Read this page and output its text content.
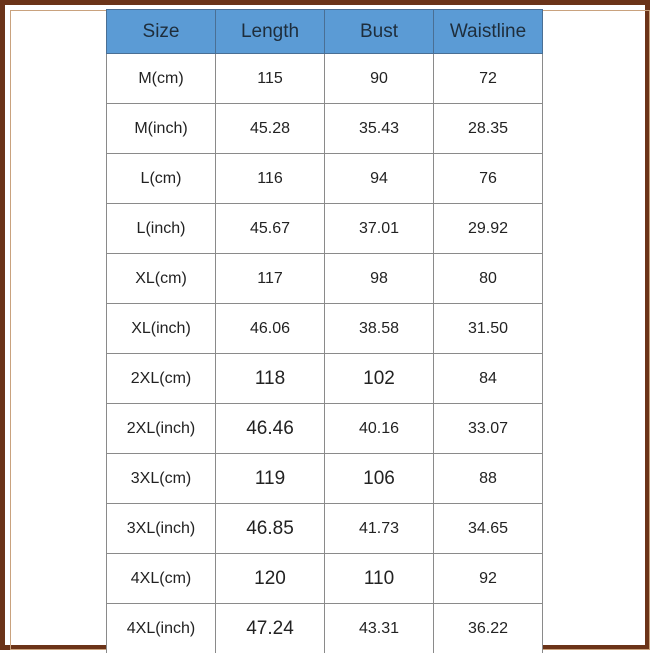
Size	Length	Bust	Waistline
M(cm)	115	90	72
M(inch)	45.28	35.43	28.35
L(cm)	116	94	76
L(inch)	45.67	37.01	29.92
XL(cm)	117	98	80
XL(inch)	46.06	38.58	31.50
2XL(cm)	118	102	84
2XL(inch)	46.46	40.16	33.07
3XL(cm)	119	106	88
3XL(inch)	46.85	41.73	34.65
4XL(cm)	120	110	92
4XL(inch)	47.24	43.31	36.22
